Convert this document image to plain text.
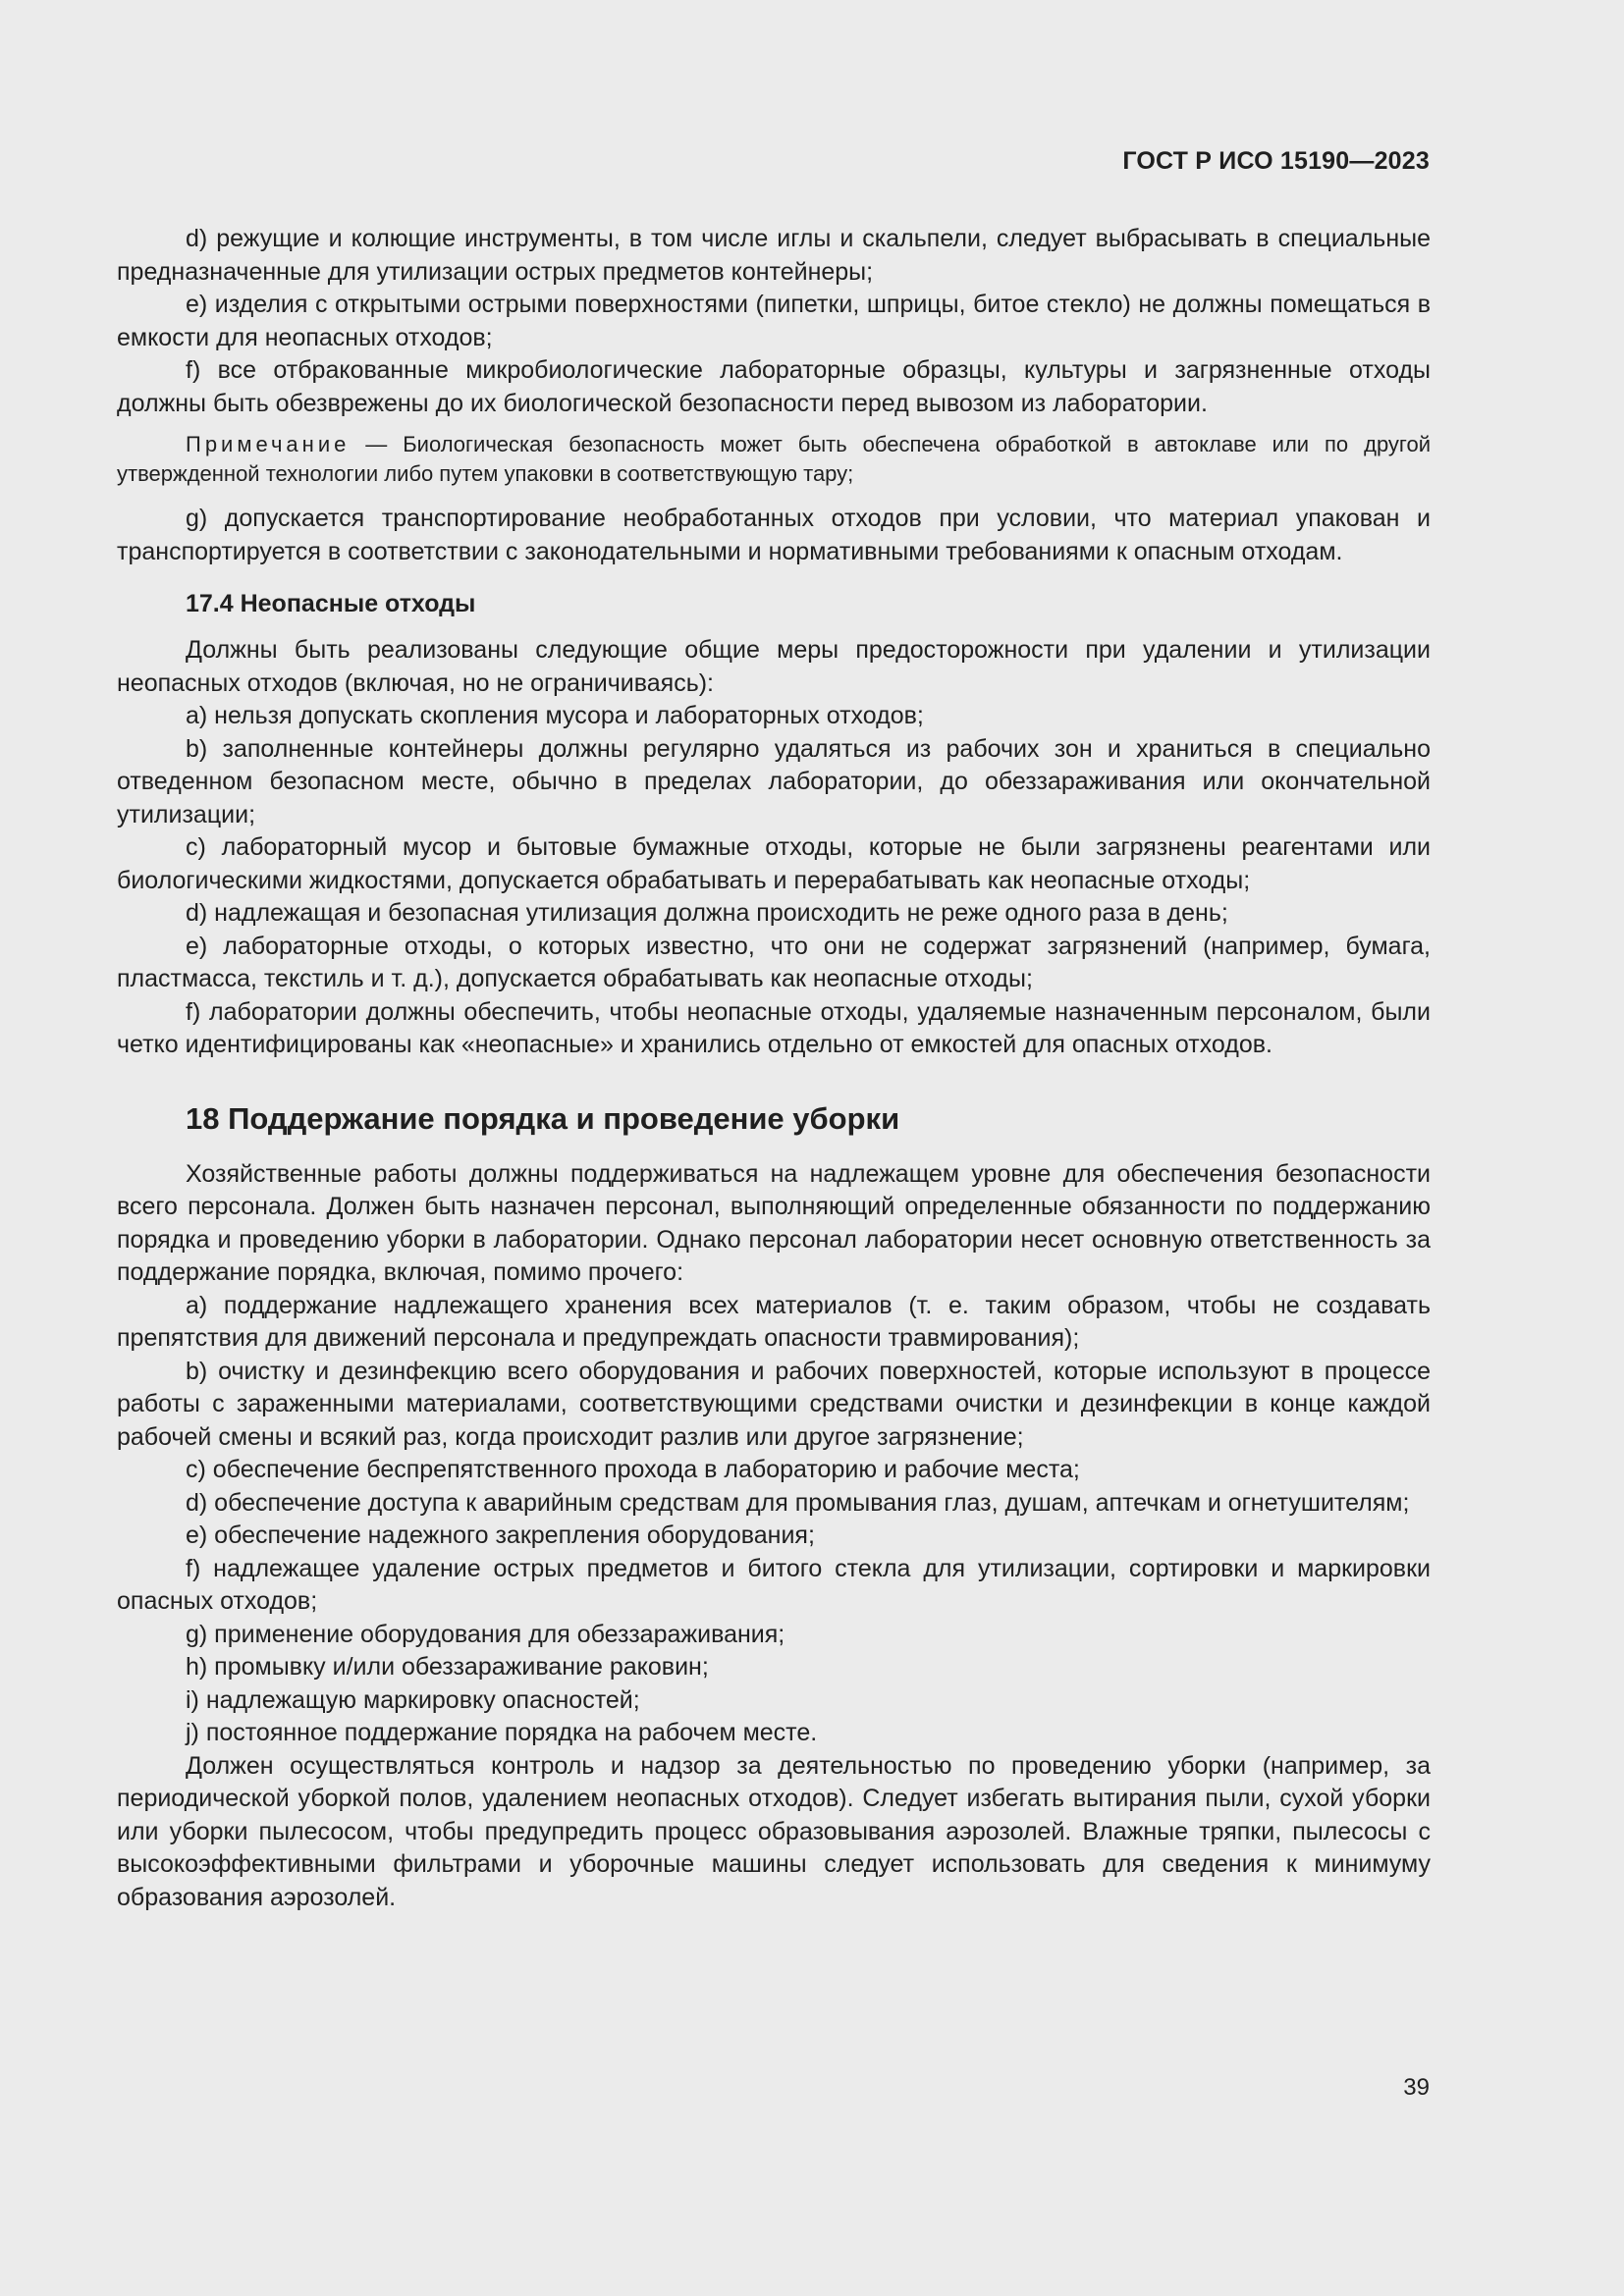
ГОСТ Р ИСО 15190—2023

d) режущие и колющие инструменты, в том числе иглы и скальпели, следует выбрасывать в специальные предназначенные для утилизации острых предметов контейнеры;

e) изделия с открытыми острыми поверхностями (пипетки, шприцы, битое стекло) не должны помещаться в емкости для неопасных отходов;

f) все отбракованные микробиологические лабораторные образцы, культуры и загрязненные отходы должны быть обезврежены до их биологической безопасности перед вывозом из лаборатории.

Примечание — Биологическая безопасность может быть обеспечена обработкой в автоклаве или по другой утвержденной технологии либо путем упаковки в соответствующую тару;

g) допускается транспортирование необработанных отходов при условии, что материал упакован и транспортируется в соответствии с законодательными и нормативными требованиями к опасным отходам.

17.4 Неопасные отходы

Должны быть реализованы следующие общие меры предосторожности при удалении и утилизации неопасных отходов (включая, но не ограничиваясь):

a) нельзя допускать скопления мусора и лабораторных отходов;

b) заполненные контейнеры должны регулярно удаляться из рабочих зон и храниться в специально отведенном безопасном месте, обычно в пределах лаборатории, до обеззараживания или окончательной утилизации;

c) лабораторный мусор и бытовые бумажные отходы, которые не были загрязнены реагентами или биологическими жидкостями, допускается обрабатывать и перерабатывать как неопасные отходы;

d) надлежащая и безопасная утилизация должна происходить не реже одного раза в день;

e) лабораторные отходы, о которых известно, что они не содержат загрязнений (например, бумага, пластмасса, текстиль и т. д.), допускается обрабатывать как неопасные отходы;

f) лаборатории должны обеспечить, чтобы неопасные отходы, удаляемые назначенным персоналом, были четко идентифицированы как «неопасные» и хранились отдельно от емкостей для опасных отходов.

18 Поддержание порядка и проведение уборки

Хозяйственные работы должны поддерживаться на надлежащем уровне для обеспечения безопасности всего персонала. Должен быть назначен персонал, выполняющий определенные обязанности по поддержанию порядка и проведению уборки в лаборатории. Однако персонал лаборатории несет основную ответственность за поддержание порядка, включая, помимо прочего:

a) поддержание надлежащего хранения всех материалов (т. е. таким образом, чтобы не создавать препятствия для движений персонала и предупреждать опасности травмирования);

b) очистку и дезинфекцию всего оборудования и рабочих поверхностей, которые используют в процессе работы с зараженными материалами, соответствующими средствами очистки и дезинфекции в конце каждой рабочей смены и всякий раз, когда происходит разлив или другое загрязнение;

c) обеспечение беспрепятственного прохода в лабораторию и рабочие места;

d) обеспечение доступа к аварийным средствам для промывания глаз, душам, аптечкам и огнетушителям;

e) обеспечение надежного закрепления оборудования;

f) надлежащее удаление острых предметов и битого стекла для утилизации, сортировки и маркировки опасных отходов;

g) применение оборудования для обеззараживания;

h) промывку и/или обеззараживание раковин;

i) надлежащую маркировку опасностей;

j) постоянное поддержание порядка на рабочем месте.

Должен осуществляться контроль и надзор за деятельностью по проведению уборки (например, за периодической уборкой полов, удалением неопасных отходов). Следует избегать вытирания пыли, сухой уборки или уборки пылесосом, чтобы предупредить процесс образовывания аэрозолей. Влажные тряпки, пылесосы с высокоэффективными фильтрами и уборочные машины следует использовать для сведения к минимуму образования аэрозолей.

39
